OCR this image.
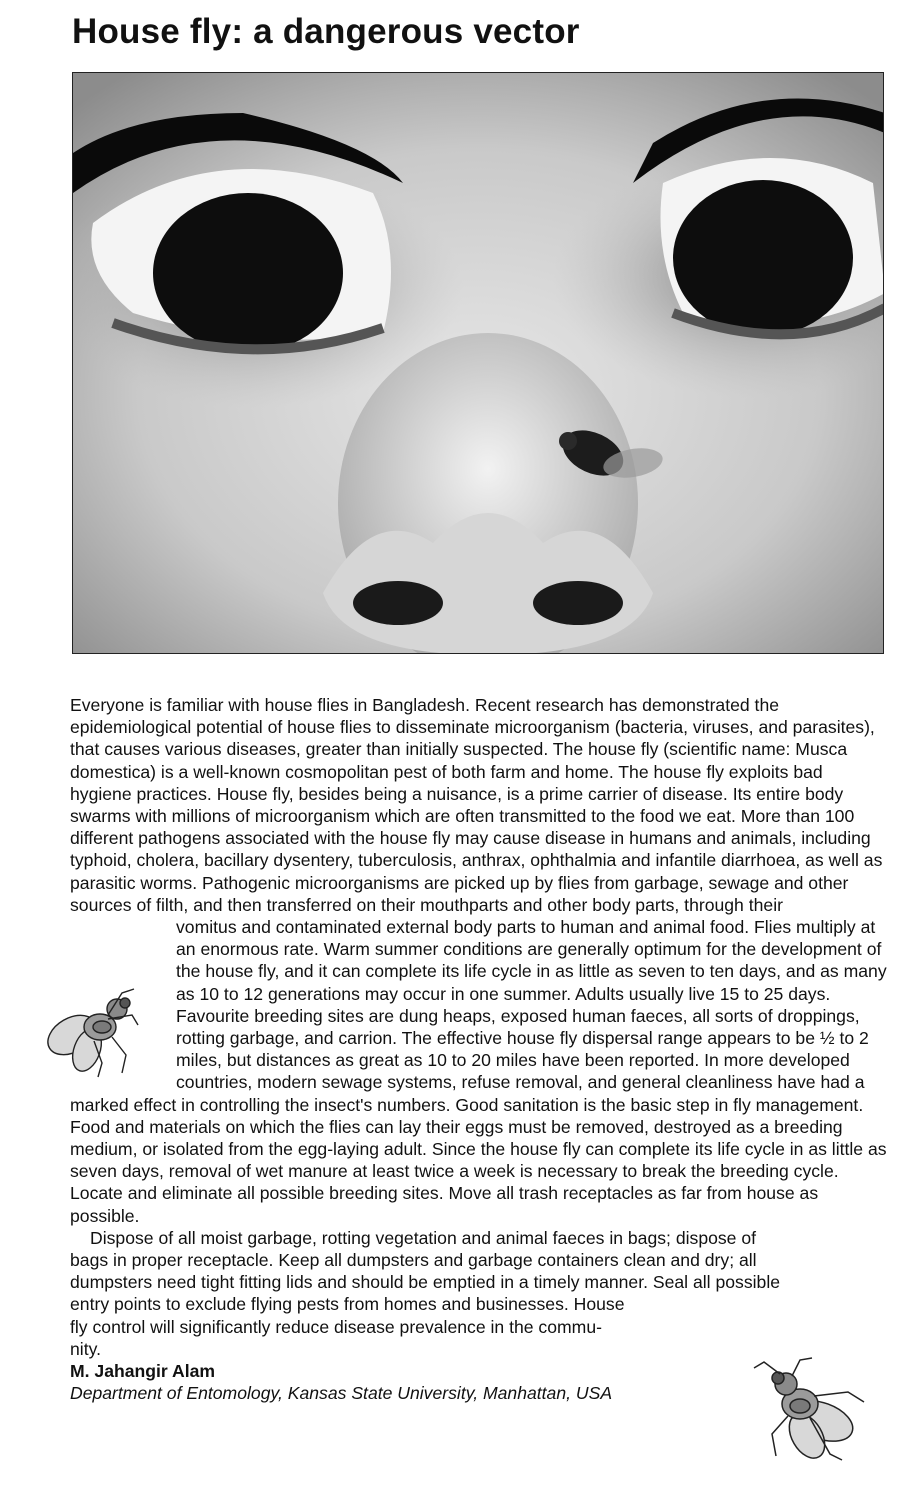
House fly: a dangerous vector

Everyone is familiar with house flies in Bangladesh. Recent research has demonstrated the epidemiological potential of house flies to disseminate microorganism (bacteria, viruses, and parasites), that causes various diseases, greater than initially suspected. The house fly (scientific name: Musca domestica) is a well-known cosmopolitan pest of both farm and home. The house fly exploits bad hygiene practices. House fly, besides being a nuisance, is a prime carrier of disease. Its entire body swarms with millions of microorganism which are often transmitted to the food we eat. More than 100 different pathogens associated with the house fly may cause disease in humans and animals, including typhoid, cholera, bacillary dysentery, tuberculosis, anthrax, ophthalmia and infantile diarrhoea, as well as parasitic worms. Pathogenic microorganisms are picked up by flies from garbage, sewage and other sources of filth, and then transferred on their mouthparts and other body parts, through their

vomitus and contaminated external body parts to human and animal food. Flies multiply at an enormous rate. Warm summer conditions are generally optimum for the development of the house fly, and it can complete its life cycle in as little as seven to ten days, and as many as 10 to 12 generations may occur in one summer. Adults usually live 15 to 25 days. Favourite breeding sites are dung heaps, exposed human faeces, all sorts of droppings, rotting garbage, and carrion. The effective house fly dispersal range appears to be ½ to 2 miles, but distances as great as 10 to 20 miles have been reported. In more developed countries, modern sewage systems, refuse removal, and general cleanliness have had a marked effect in controlling the insect's numbers. Good sanitation is the basic step in fly management. Food and materials on which the flies can lay their eggs must be removed, destroyed as a breeding medium, or isolated from the egg-laying adult. Since the house fly can complete its life cycle in as little as seven days, removal of wet manure at least twice a week is necessary to break the breeding cycle. Locate and eliminate all possible breeding sites. Move all trash receptacles as far from house as possible.

Dispose of all moist garbage, rotting vegetation and animal faeces in bags; dispose of

bags in proper receptacle. Keep all dumpsters and garbage containers clean and dry; all

dumpsters need tight fitting lids and should be emptied in a timely manner. Seal all possible

entry points to exclude flying pests from homes and businesses. House

fly control will significantly reduce disease prevalence in the commu-

nity.

M. Jahangir Alam

Department of Entomology, Kansas State University, Manhattan, USA
